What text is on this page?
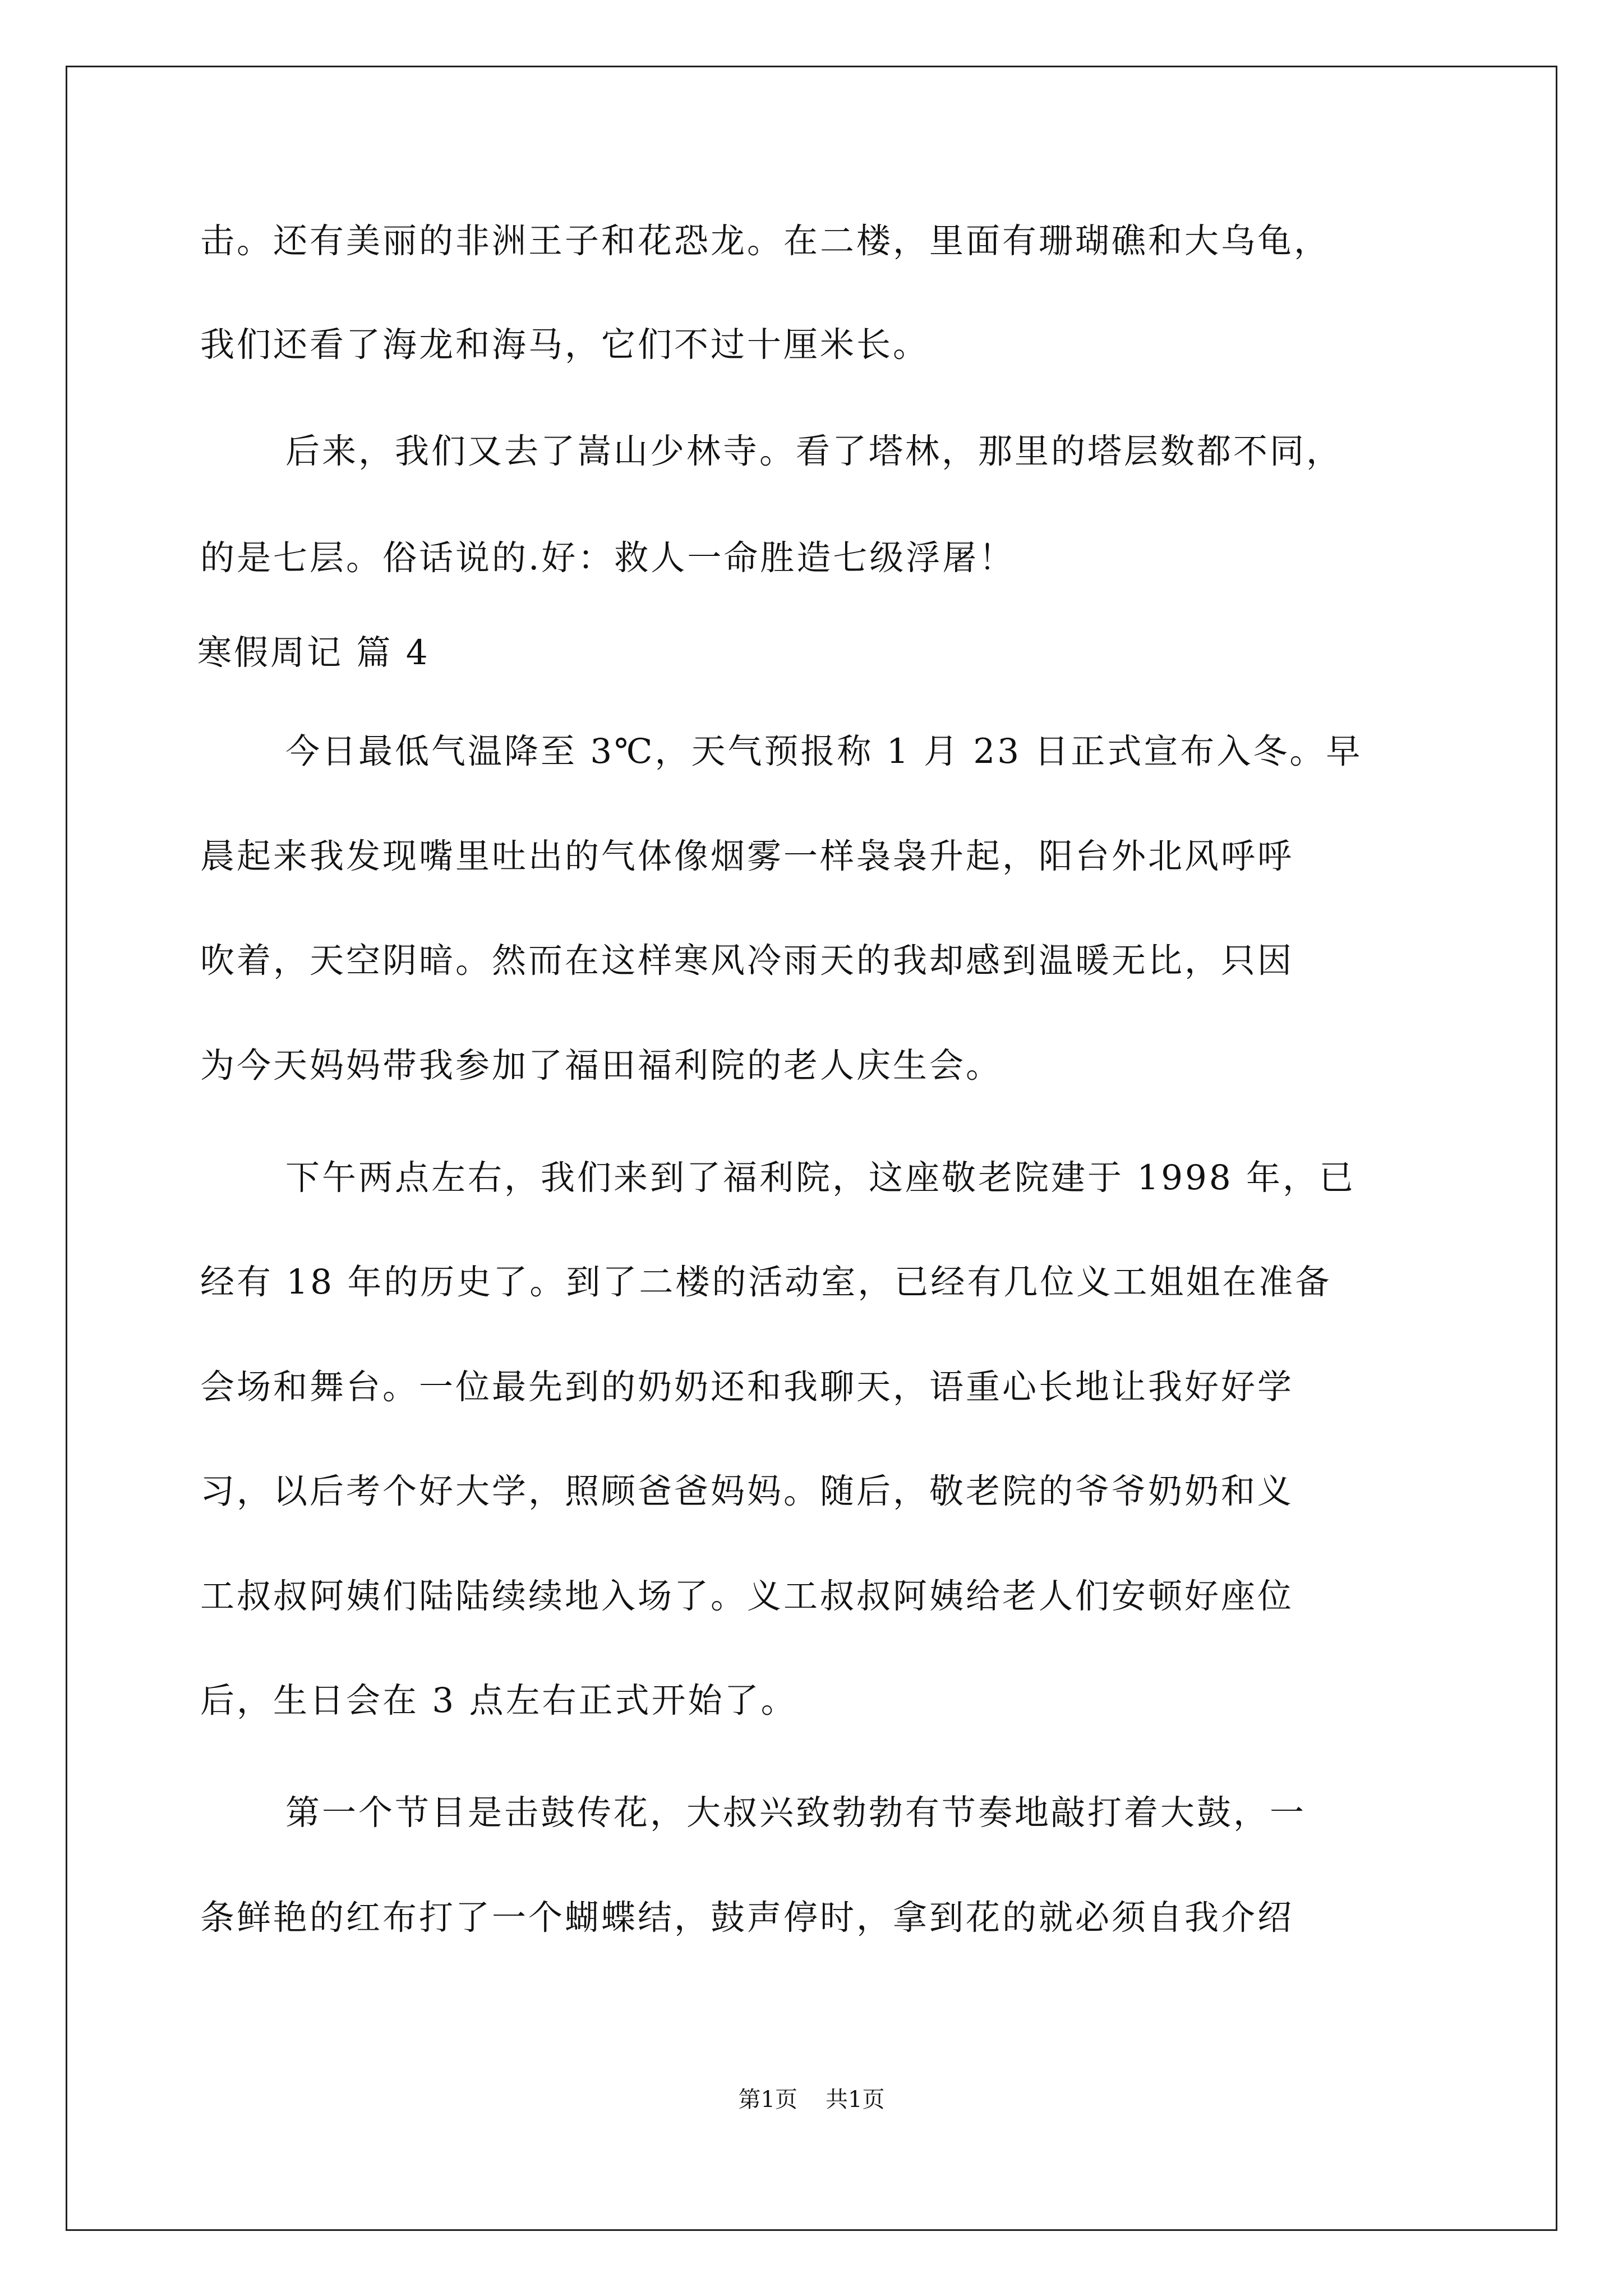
击。还有美丽的非洲王子和花恐龙。在二楼，里面有珊瑚礁和大乌龟，
我们还看了海龙和海马，它们不过十厘米长。
后来，我们又去了嵩山少林寺。看了塔林，那里的塔层数都不同，
的是七层。俗话说的.好：救人一命胜造七级浮屠！
寒假周记 篇 4
今日最低气温降至 3℃，天气预报称 1 月 23 日正式宣布入冬。早
晨起来我发现嘴里吐出的气体像烟雾一样袅袅升起，阳台外北风呼呼
吹着，天空阴暗。然而在这样寒风冷雨天的我却感到温暖无比，只因
为今天妈妈带我参加了福田福利院的老人庆生会。
下午两点左右，我们来到了福利院，这座敬老院建于 1998 年，已
经有 18 年的历史了。到了二楼的活动室，已经有几位义工姐姐在准备
会场和舞台。一位最先到的奶奶还和我聊天，语重心长地让我好好学
习，以后考个好大学，照顾爸爸妈妈。随后，敬老院的爷爷奶奶和义
工叔叔阿姨们陆陆续续地入场了。义工叔叔阿姨给老人们安顿好座位
后，生日会在 3 点左右正式开始了。
第一个节目是击鼓传花，大叔兴致勃勃有节奏地敲打着大鼓，一
条鲜艳的红布打了一个蝴蝶结，鼓声停时，拿到花的就必须自我介绍
第1页 共1页
